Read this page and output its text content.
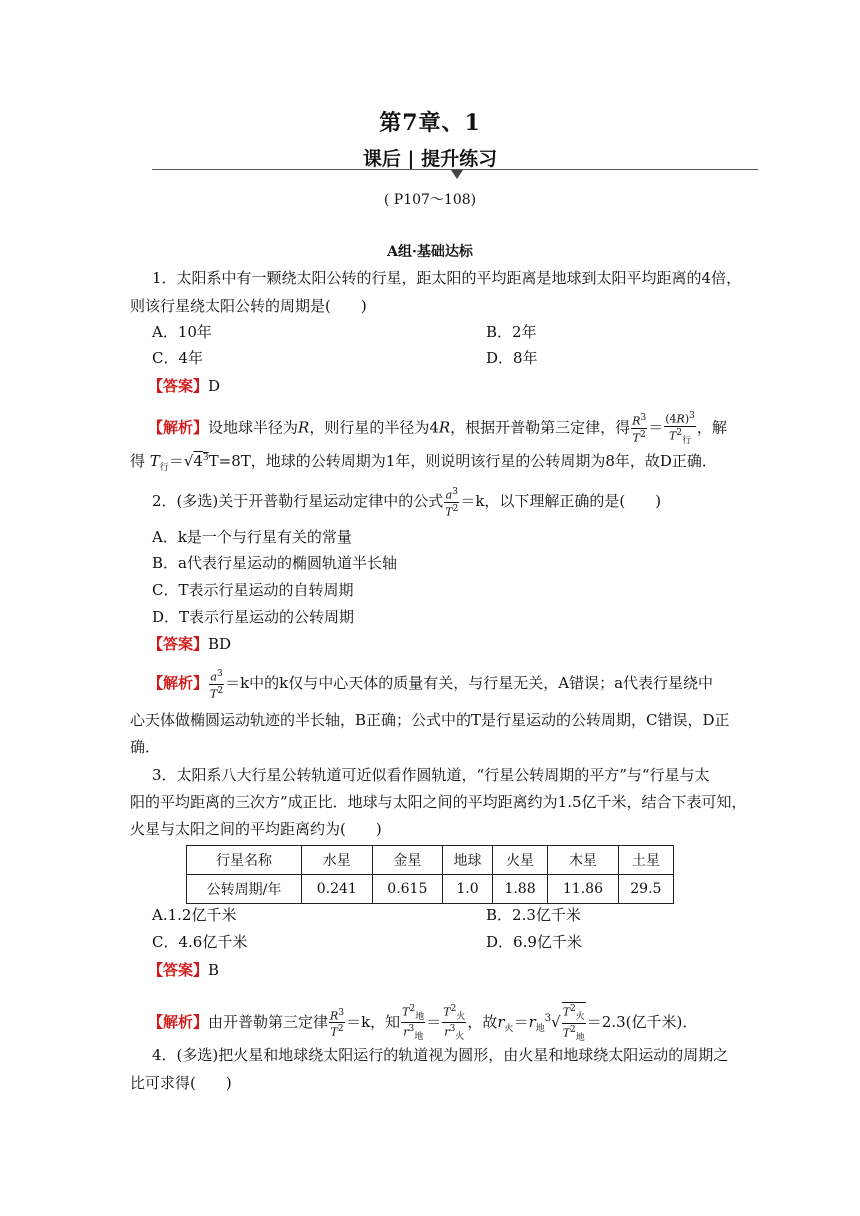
第7章、1
课后 | 提升练习
( P107～108)
A组·基础达标
1．太阳系中有一颗绕太阳公转的行星，距太阳的平均距离是地球到太阳平均距离的4倍，
则该行星绕太阳公转的周期是(　　)
A．10年	B．2年
C．4年	D．8年
【答案】D
【解析】设地球半径为R，则行星的半径为4R，根据开普勒第三定律，得 $\frac{R^3}{T^2} = \frac{(4R)^3}{T^2_行}$ ，解
得 $T_行=√4^3T=8T$，地球的公转周期为1年，则说明该行星的公转周期为8年，故D正确．
2．(多选)关于开普勒行星运动定律中的公式 $\frac{a^3}{T^2} =k$，以下理解正确的是(　　)
A．k是一个与行星有关的常量
B．a代表行星运动的椭圆轨道半长轴
C．T表示行星运动的自转周期
D．T表示行星运动的公转周期
【答案】BD
【解析】 $\frac{a^3}{T^2} =k$中的k仅与中心天体的质量有关，与行星无关，A错误；a代表行星绕中
心天体做椭圆运动轨迹的半长轴，B正确；公式中的T是行星运动的公转周期，C错误，D正
确．
3．太阳系八大行星公转轨道可近似看作圆轨道，“行星公转周期的平方”与“行星与太
阳的平均距离的三次方”成正比．地球与太阳之间的平均距离约为1.5亿千米，结合下表可知，
火星与太阳之间的平均距离约为(　　)
行星名称	水星	金星	地球	火星	木星	土星
公转周期/年	0.241	0.615	1.0	1.88	11.86	29.5
A.1.2亿千米	B．2.3亿千米
C．4.6亿千米	D．6.9亿千米
【答案】B
【解析】由开普勒第三定律 $\frac{R^3}{T^2} =k$，知 $\frac{T^2_地}{r^3_地} = \frac{T^2_火}{r^3_火}$ ，故$r_火=r_地^3√ \frac{T^2_火}{T^2_地} =2.3$(亿千米)．
4．(多选)把火星和地球绕太阳运行的轨道视为圆形，由火星和地球绕太阳运动的周期之
比可求得(　　)
